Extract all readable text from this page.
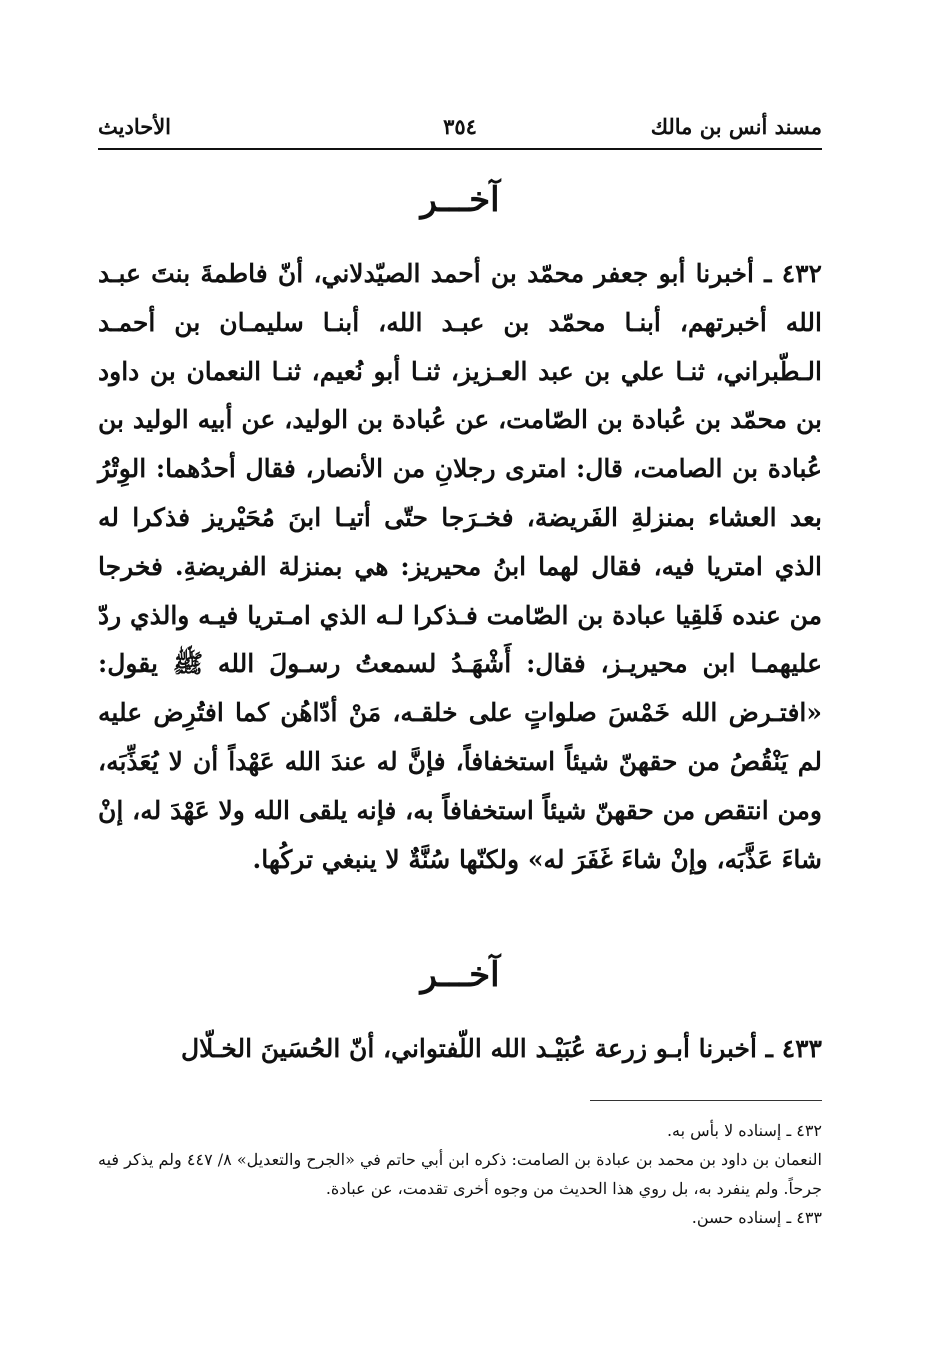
مسند أنس بن مالك
٣٥٤
الأحاديث
آخـــر
٤٣٢ ـ أخبرنا أبو جعفر محمّد بن أحمد الصيّدلاني، أنّ فاطمةَ بنتَ عبـد الله أخبرتهم، أبنـا محمّد بن عبـد الله، أبنـا سليمـان بن أحمـد الـطّبراني، ثنـا علي بن عبد العـزيز، ثنـا أبو نُعيم، ثنـا النعمان بن داود بن محمّد بن عُبادة بن الصّامت، عن عُبادة بن الوليد، عن أبيه الوليد بن عُبادة بن الصامت، قال: امترى رجلانِ من الأنصار، فقال أحدُهما: الوِتْرُ بعد العشاء بمنزلةِ الفَريضة، فخـرَجا حتّى أتيـا ابنَ مُحَيْريز فذكرا له الذي امتريا فيه، فقال لهما ابنُ محيريز: هي بمنزلة الفريضةِ. فخرجا من عنده فَلقِيا عبادة بن الصّامت فـذكرا لـه الذي امـتريا فيـه والذي ردّ عليهمـا ابن محيريـز، فقال: أَشْهَـدُ لسمعتُ رسـولَ الله ﷺ يقول: «افتـرض الله خَمْسَ صلواتٍ على خلقـه، مَنْ أدّاهُن كما افتُرِض عليه لم يَنْقُصُ من حقهنّ شيئاً استخفافاً، فإنَّ له عندَ الله عَهْداً أن لا يُعَذِّبَه، ومن انتقص من حقهنّ شيئاً استخفافاً به، فإنه يلقى الله ولا عَهْدَ له، إنْ شاءَ عَذَّبَه، وإنْ شاءَ غَفَرَ له» ولكنّها سُنَّةٌ لا ينبغي تركُها.
آخـــر
٤٣٣ ـ أخبرنا أبـو زرعة عُبَيْـد الله اللّفتواني، أنّ الحُسَينَ الخـلّال

٤٣٢ ـ إسناده لا بأس به.

النعمان بن داود بن محمد بن عبادة بن الصامت: ذكره ابن أبي حاتم في «الجرح والتعديل» ٨/ ٤٤٧ ولم يذكر فيه جرحاً. ولم ينفرد به، بل روي هذا الحديث من وجوه أخرى تقدمت، عن عبادة.

٤٣٣ ـ إسناده حسن.
